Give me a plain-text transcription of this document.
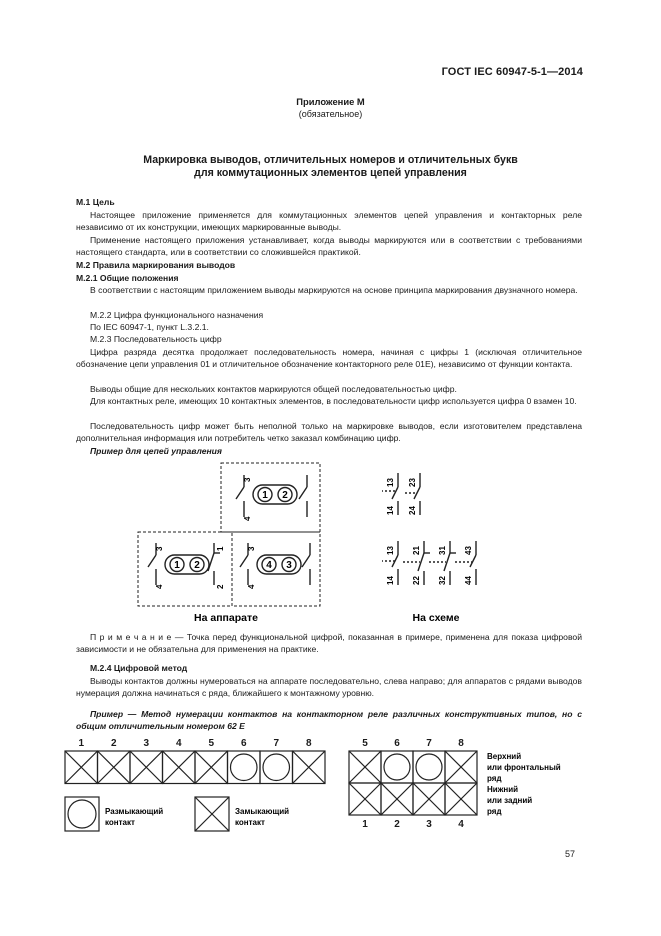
ГОСТ IEC 60947-5-1—2014
Приложение М
(обязательное)
Маркировка выводов, отличительных номеров и отличительных букв
для коммутационных элементов цепей управления
М.1 Цель
Настоящее приложение применяется для коммутационных элементов цепей управления и контакторных реле независимо от их конструкции, имеющих маркированные выводы.
Применение настоящего приложения устанавливает, когда выводы маркируются или в соответствии с требованиями настоящего стандарта, или в соответствии со сложившейся практикой.
М.2 Правила маркирования выводов
М.2.1 Общие положения
В соответствии с настоящим приложением выводы маркируются на основе принципа маркирования двузначного номера.
М.2.2 Цифра функционального назначения
По IEC 60947-1, пункт L.3.2.1.
М.2.3 Последовательность цифр
Цифра разряда десятка продолжает последовательность номера, начиная с цифры 1 (исключая отличительное обозначение цепи управления 01 и отличительное обозначение контакторного реле 01Е), независимо от функции контакта.
Выводы общие для нескольких контактов маркируются общей последовательностью цифр.
Для контактных реле, имеющих 10 контактных элементов, в последовательности цифр используется цифра 0 взамен 10.
Последовательность цифр может быть неполной только на маркировке выводов, если изготовителем представлена дополнительная информация или потребитель четко заказал комбинацию цифр.
Пример для цепей управления
1 2
3
4
1 2
3
4
1
2
4 3
3
4
13 23
14 24
13 21 31 43
14 22 32 44
На аппарате	На схеме
П р и м е ч а н и е — Точка перед функциональной цифрой, показанная в примере, применена для показа цифровой зависимости и не обязательна для применения на практике.
М.2.4 Цифровой метод
Выводы контактов должны нумероваться на аппарате последовательно, слева направо; для аппаратов с рядами выводов нумерация должна начинаться с ряда, ближайшего к монтажному уровню.
Пример — Метод нумерации контактов на контакторном реле различных конструктивных типов, но с общим отличительным номером 62 Е
1	2	3	4	5	6	7	8	5	6	7	8
1	2	3	4
Верхний
или фронтальный
ряд
Нижний
или задний
ряд
Размыкающий
контакт
Замыкающий
контакт
57
